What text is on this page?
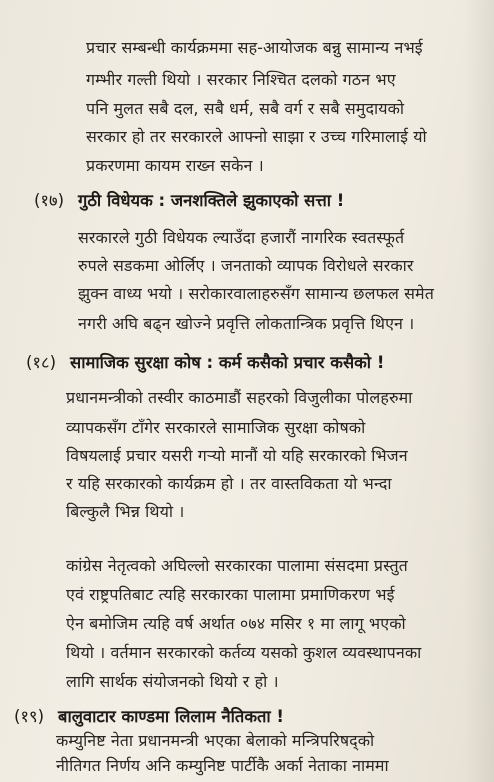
प्रचार सम्बन्धी कार्यक्रममा सह-आयोजक बन्नु सामान्य नभई
गम्भीर गल्ती थियो । सरकार निश्चित दलको गठन भए
पनि मुलत सबै दल, सबै धर्म, सबै वर्ग र सबै समुदायको
सरकार हो तर सरकारले आफ्नो साझा र उच्च गरिमालाई यो
प्रकरणमा कायम राख्न सकेन ।
(१७) गुठी विधेयक : जनशक्तिले झुकाएको सत्ता !
सरकारले गुठी विधेयक ल्याउँदा हजारौं नागरिक स्वतस्फूर्त
रुपले सडकमा ओर्लिए । जनताको व्यापक विरोधले सरकार
झुक्न वाध्य भयो । सरोकारवालाहरुसँग सामान्य छलफल समेत
नगरी अघि बढ्न खोज्ने प्रवृत्ति लोकतान्त्रिक प्रवृत्ति थिएन ।
(१८) सामाजिक सुरक्षा कोष : कर्म कसैको प्रचार कसैको !
प्रधानमन्त्रीको तस्वीर काठमाडौं सहरको विजुलीका पोलहरुमा
व्यापकसँग टाँगेर सरकारले सामाजिक सुरक्षा कोषको
विषयलाई प्रचार यसरी गर्‍यो मानौं यो यहि सरकारको भिजन
र यहि सरकारको कार्यक्रम हो । तर वास्तविकता यो भन्दा
बिल्कुलै भिन्न थियो ।
कांग्रेस नेतृत्वको अघिल्लो सरकारका पालामा संसदमा प्रस्तुत
एवं राष्ट्रपतिबाट त्यहि सरकारका पालामा प्रमाणिकरण भई
ऐन बमोजिम त्यहि वर्ष अर्थात ०७४ मसिर १ मा लागू भएको
थियो । वर्तमान सरकारको कर्तव्य यसको कुशल व्यवस्थापनका
लागि सार्थक संयोजनको थियो र हो ।
(१९) बालुवाटार काण्डमा लिलाम नैतिकता !
कम्युनिष्ट नेता प्रधानमन्त्री भएका बेलाको मन्त्रिपरिषद्को
नीतिगत निर्णय अनि कम्युनिष्ट पार्टीकै अर्का नेताका नाममा
